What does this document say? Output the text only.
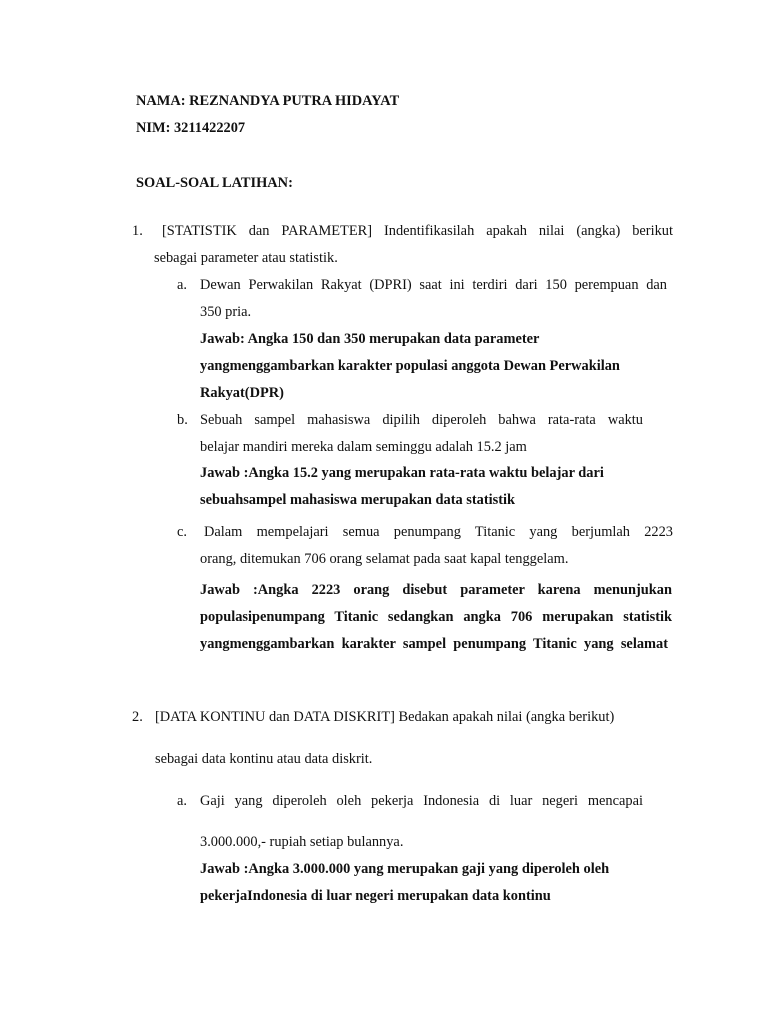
NAMA: REZNANDYA PUTRA HIDAYAT
NIM: 3211422207
SOAL-SOAL LATIHAN:
1. [STATISTIK dan PARAMETER] Indentifikasilah apakah nilai (angka) berikut
sebagai parameter atau statistik.
a. Dewan Perwakilan Rakyat (DPRI) saat ini terdiri dari 150 perempuan dan
350 pria.
Jawab: Angka 150 dan 350 merupakan data parameter
yangmenggambarkan karakter populasi anggota Dewan Perwakilan
Rakyat(DPR)
b. Sebuah sampel mahasiswa dipilih diperoleh bahwa rata-rata waktu
belajar mandiri mereka dalam seminggu adalah 15.2 jam
Jawab :Angka 15.2 yang merupakan rata-rata waktu belajar dari
sebuahsampel mahasiswa merupakan data statistik
c. Dalam mempelajari semua penumpang Titanic yang berjumlah 2223
orang, ditemukan 706 orang selamat pada saat kapal tenggelam.
Jawab :Angka 2223 orang disebut parameter karena menunjukan
populasipenumpang Titanic sedangkan angka 706 merupakan statistik
yangmenggambarkan karakter sampel penumpang Titanic yang selamat
2. [DATA KONTINU dan DATA DISKRIT] Bedakan apakah nilai (angka berikut)
sebagai data kontinu atau data diskrit.
a. Gaji yang diperoleh oleh pekerja Indonesia di luar negeri mencapai
3.000.000,- rupiah setiap bulannya.
Jawab :Angka 3.000.000 yang merupakan gaji yang diperoleh oleh
pekerjaIndonesia di luar negeri merupakan data kontinu
